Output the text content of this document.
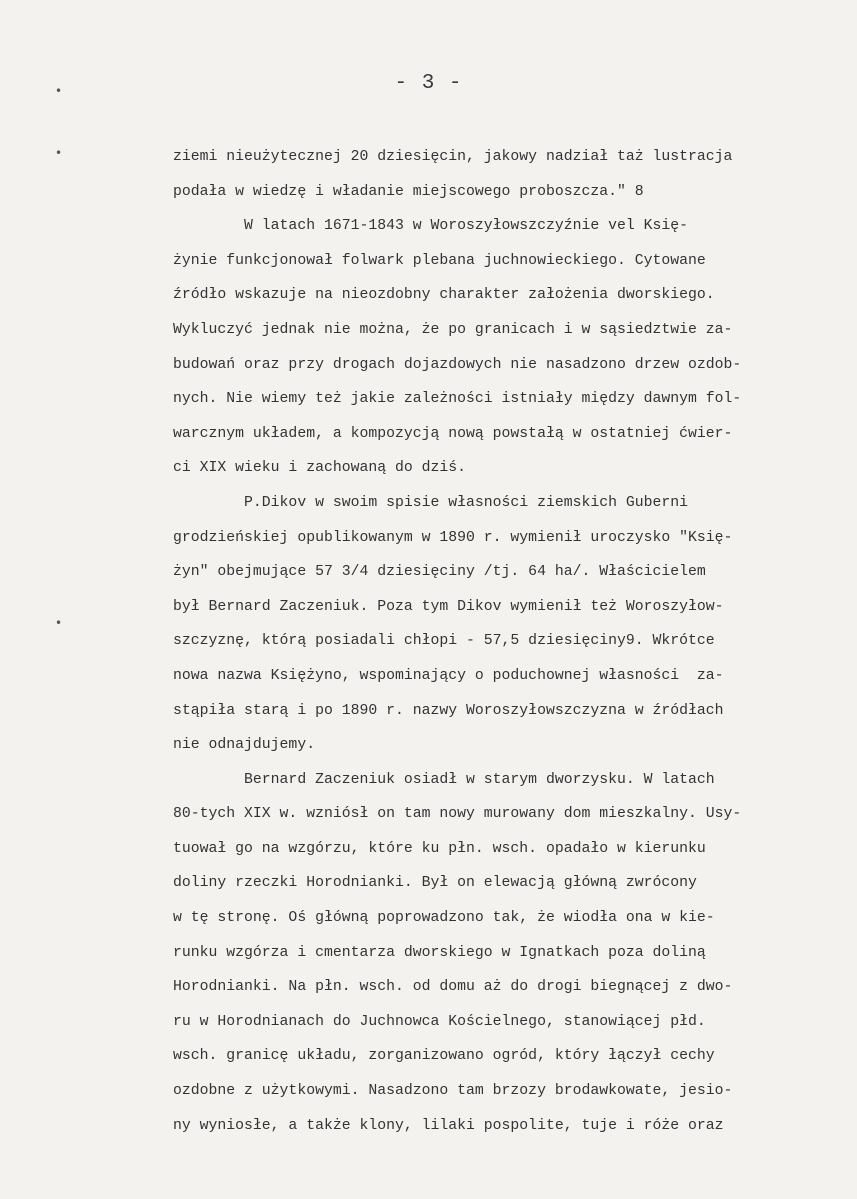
•
•
•
- 3 -
ziemi nieużytecznej 20 dziesięcin, jakowy nadział taż lustracja
podała w wiedzę i władanie miejscowego proboszcza." 8
W latach 1671-1843 w Woroszyłowszczyźnie vel Księ-
żynie funkcjonował folwark plebana juchnowieckiego. Cytowane
źródło wskazuje na nieozdobny charakter założenia dworskiego.
Wykluczyć jednak nie można, że po granicach i w sąsiedztwie za-
budowań oraz przy drogach dojazdowych nie nasadzono drzew ozdob-
nych. Nie wiemy też jakie zależności istniały między dawnym fol-
warcznym układem, a kompozycją nową powstałą w ostatniej ćwier-
ci XIX wieku i zachowaną do dziś.
P.Dikov w swoim spisie własności ziemskich Guberni
grodzieńskiej opublikowanym w 1890 r. wymienił uroczysko "Księ-
żyn" obejmujące 57 3/4 dziesięciny /tj. 64 ha/. Właścicielem
był Bernard Zaczeniuk. Poza tym Dikov wymienił też Woroszyłow-
szczyznę, którą posiadali chłopi - 57,5 dziesięciny9. Wkrótce
nowa nazwa Księżyno, wspominający o poduchownej własności  za-
stąpiła starą i po 1890 r. nazwy Woroszyłowszczyzna w źródłach
nie odnajdujemy.
Bernard Zaczeniuk osiadł w starym dworzysku. W latach
80-tych XIX w. wzniósł on tam nowy murowany dom mieszkalny. Usy-
tuował go na wzgórzu, które ku płn. wsch. opadało w kierunku
doliny rzeczki Horodnianki. Był on elewacją główną zwrócony
w tę stronę. Oś główną poprowadzono tak, że wiodła ona w kie-
runku wzgórza i cmentarza dworskiego w Ignatkach poza doliną
Horodnianki. Na płn. wsch. od domu aż do drogi biegnącej z dwo-
ru w Horodnianach do Juchnowca Kościelnego, stanowiącej płd.
wsch. granicę układu, zorganizowano ogród, który łączył cechy
ozdobne z użytkowymi. Nasadzono tam brzozy brodawkowate, jesio-
ny wyniosłe, a także klony, lilaki pospolite, tuje i róże oraz
